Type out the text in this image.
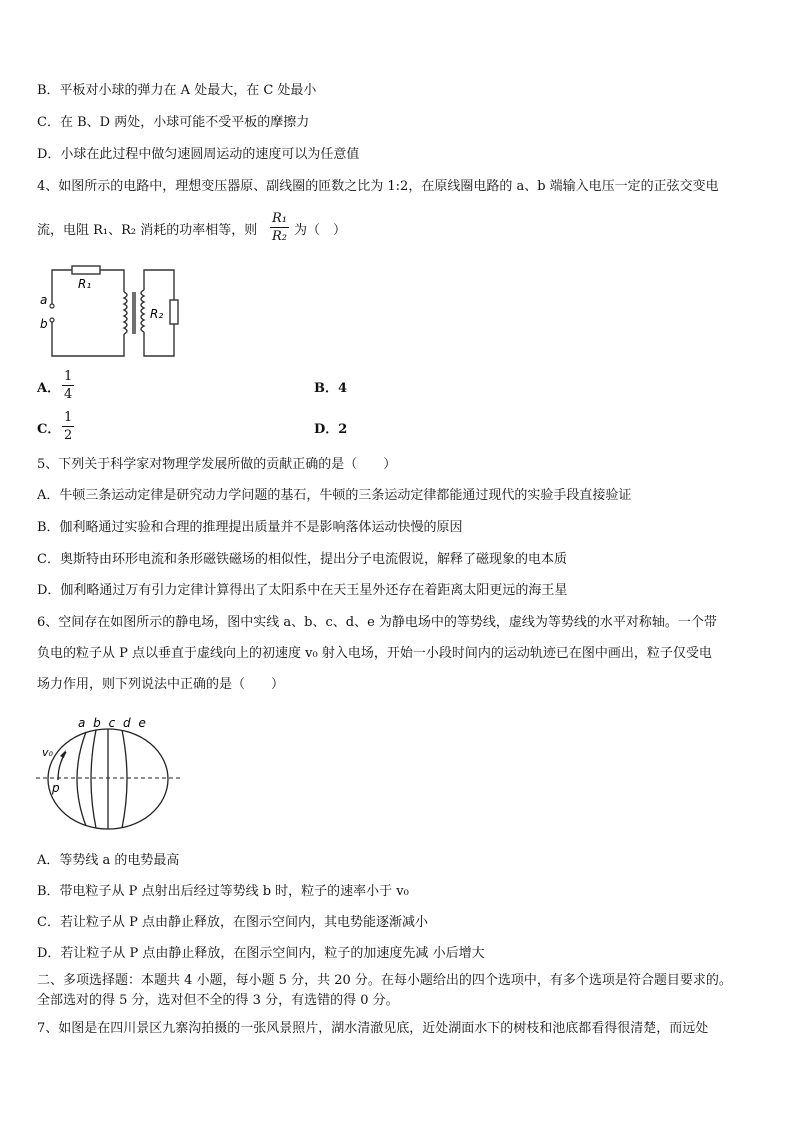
B．平板对小球的弹力在 A 处最大，在 C 处最小
C．在 B、D 两处，小球可能不受平板的摩擦力
D．小球在此过程中做匀速圆周运动的速度可以为任意值
4、如图所示的电路中，理想变压器原、副线圈的匝数之比为 1:2，在原线圈电路的 a、b 端输入电压一定的正弦交变电
流，电阻 R₁、R₂ 消耗的功率相等，则
R₁
R₂ 为（　）
a
b
R₁
R₂
A．
1
4	B．4
C．
1
2	D．2
5、下列关于科学家对物理学发展所做的贡献正确的是（　　）
A．牛顿三条运动定律是研究动力学问题的基石，牛顿的三条运动定律都能通过现代的实验手段直接验证
B．伽利略通过实验和合理的推理提出质量并不是影响落体运动快慢的原因
C．奥斯特由环形电流和条形磁铁磁场的相似性，提出分子电流假说，解释了磁现象的电本质
D．伽利略通过万有引力定律计算得出了太阳系中在天王星外还存在着距离太阳更远的海王星
6、空间存在如图所示的静电场，图中实线 a、b、c、d、e 为静电场中的等势线，虚线为等势线的水平对称轴。一个带
负电的粒子从 P 点以垂直于虚线向上的初速度 v₀ 射入电场，开始一小段时间内的运动轨迹已在图中画出，粒子仅受电
场力作用，则下列说法中正确的是（　　）
a b c d e
v₀
p
A．等势线 a 的电势最高
B．带电粒子从 P 点射出后经过等势线 b 时，粒子的速率小于 v₀
C．若让粒子从 P 点由静止释放，在图示空间内，其电势能逐渐减小
D．若让粒子从 P 点由静止释放，在图示空间内，粒子的加速度先减 小后增大
二、多项选择题：本题共 4 小题，每小题 5 分，共 20 分。在每小题给出的四个选项中，有多个选项是符合题目要求的。
全部选对的得 5 分，选对但不全的得 3 分，有选错的得 0 分。
7、如图是在四川景区九寨沟拍摄的一张风景照片，湖水清澈见底，近处湖面水下的树枝和池底都看得很清楚，而远处
